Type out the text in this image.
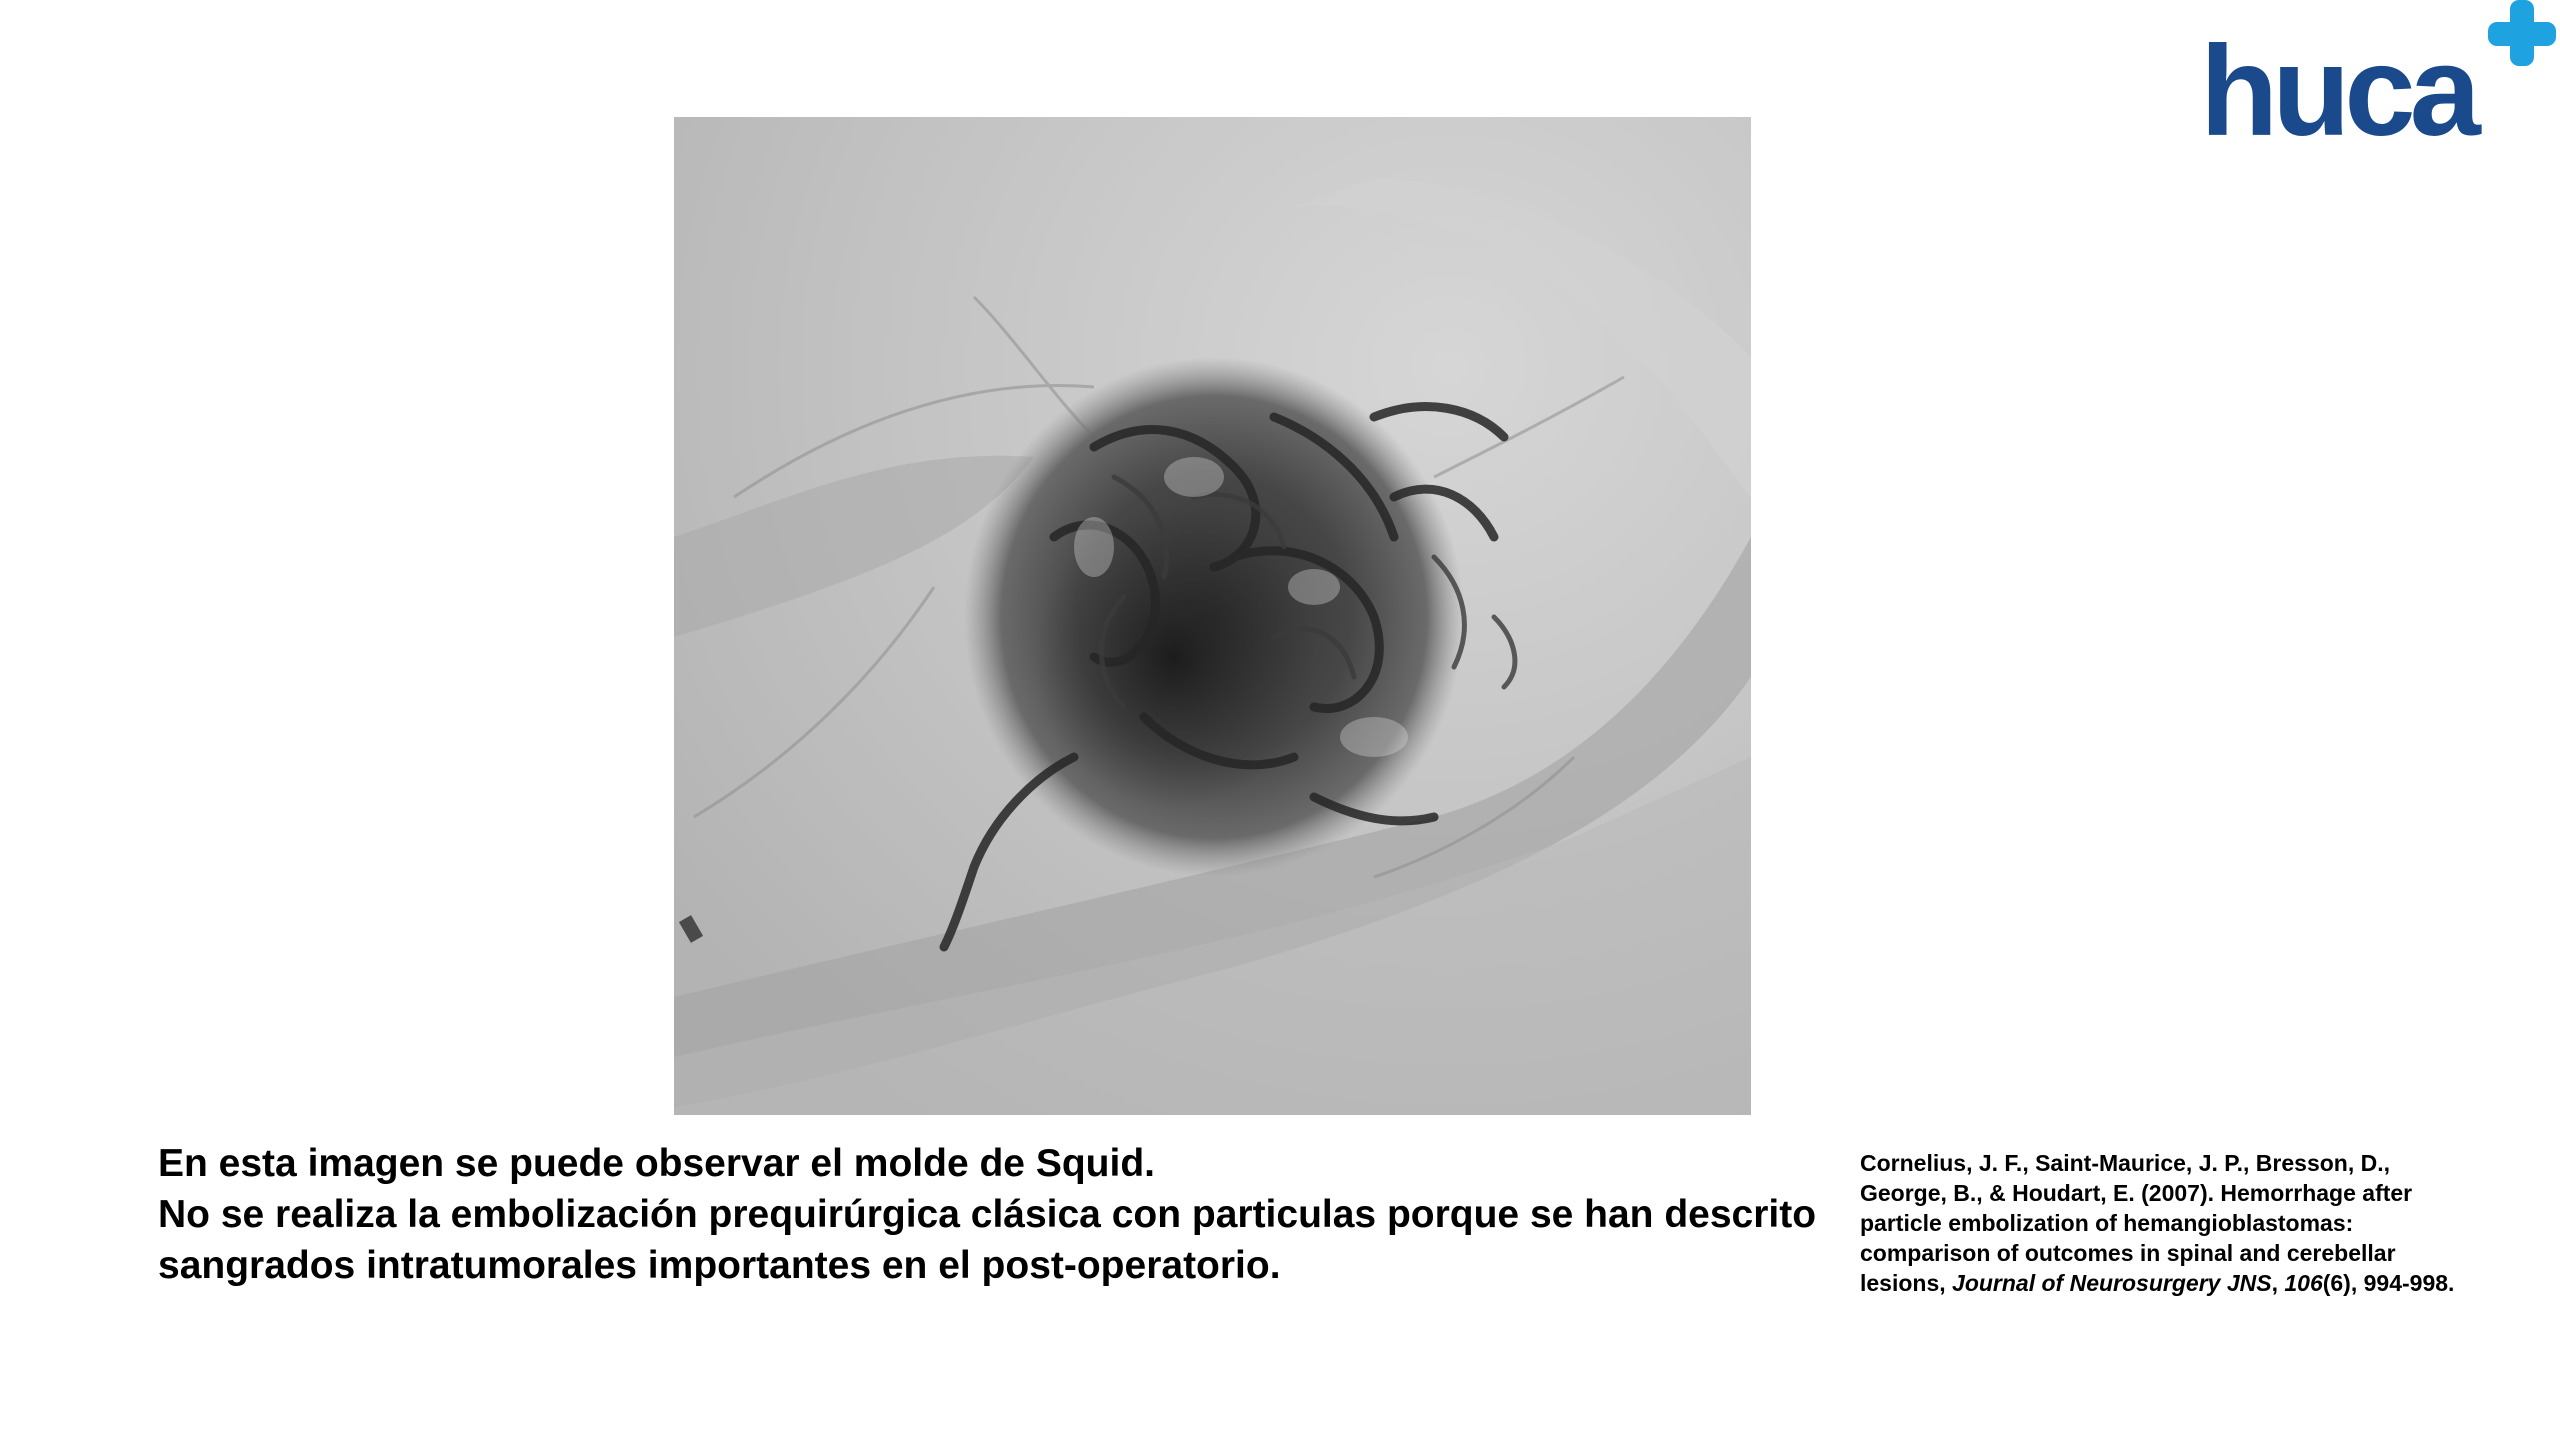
huca

En esta imagen se puede observar el molde de Squid.

No se realiza la embolización prequirúrgica clásica con particulas porque se han descrito sangrados intratumorales importantes en el post-operatorio.

Cornelius, J. F., Saint-Maurice, J. P., Bresson, D., George, B., & Houdart, E. (2007). Hemorrhage after particle embolization of hemangioblastomas: comparison of outcomes in spinal and cerebellar lesions, Journal of Neurosurgery JNS, 106(6), 994-998.
